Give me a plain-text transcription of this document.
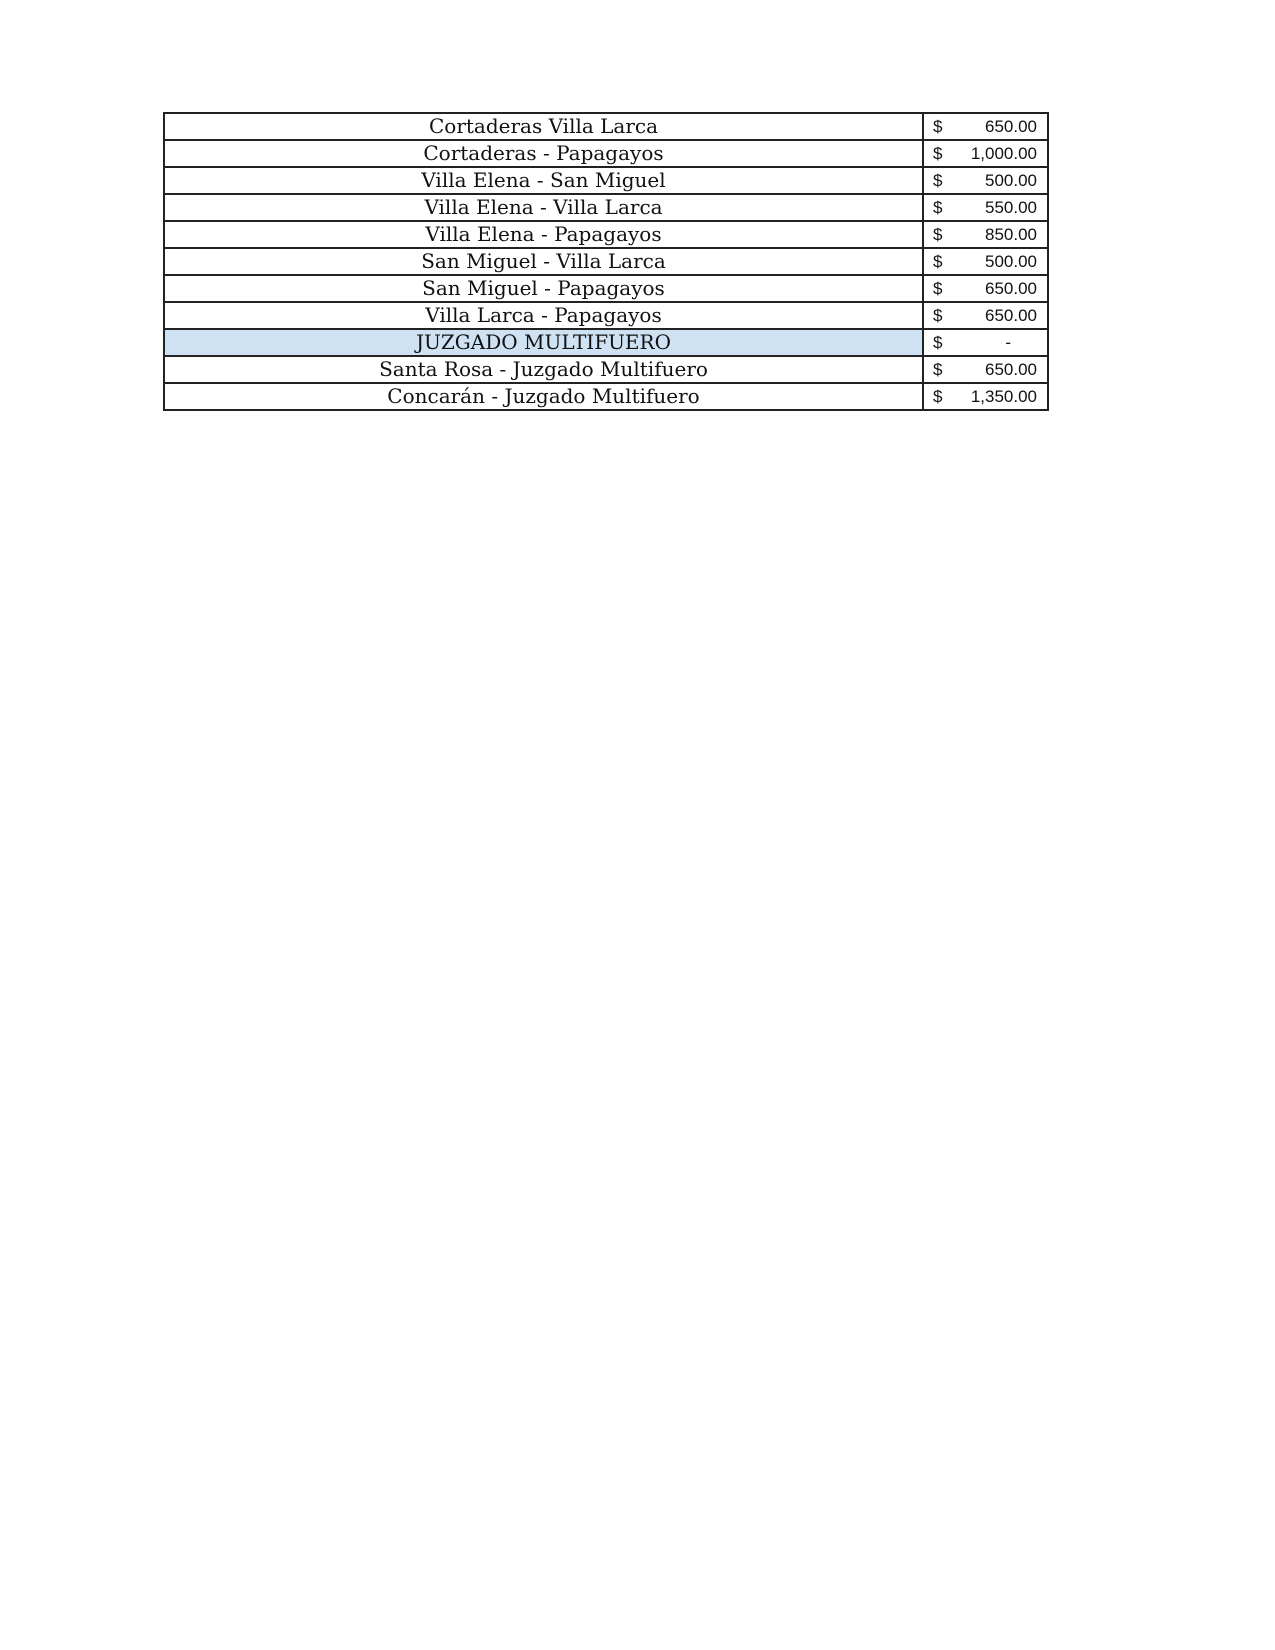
Cortaderas Villa Larca	$ 650.00

Cortaderas - Papagayos	$ 1,000.00

Villa Elena - San Miguel	$ 500.00

Villa Elena - Villa Larca	$ 550.00

Villa Elena - Papagayos	$ 850.00

San Miguel - Villa Larca	$ 500.00

San Miguel - Papagayos	$ 650.00

Villa Larca - Papagayos	$ 650.00

JUZGADO MULTIFUERO	$ -

Santa Rosa - Juzgado Multifuero	$ 650.00

Concarán - Juzgado Multifuero	$ 1,350.00
